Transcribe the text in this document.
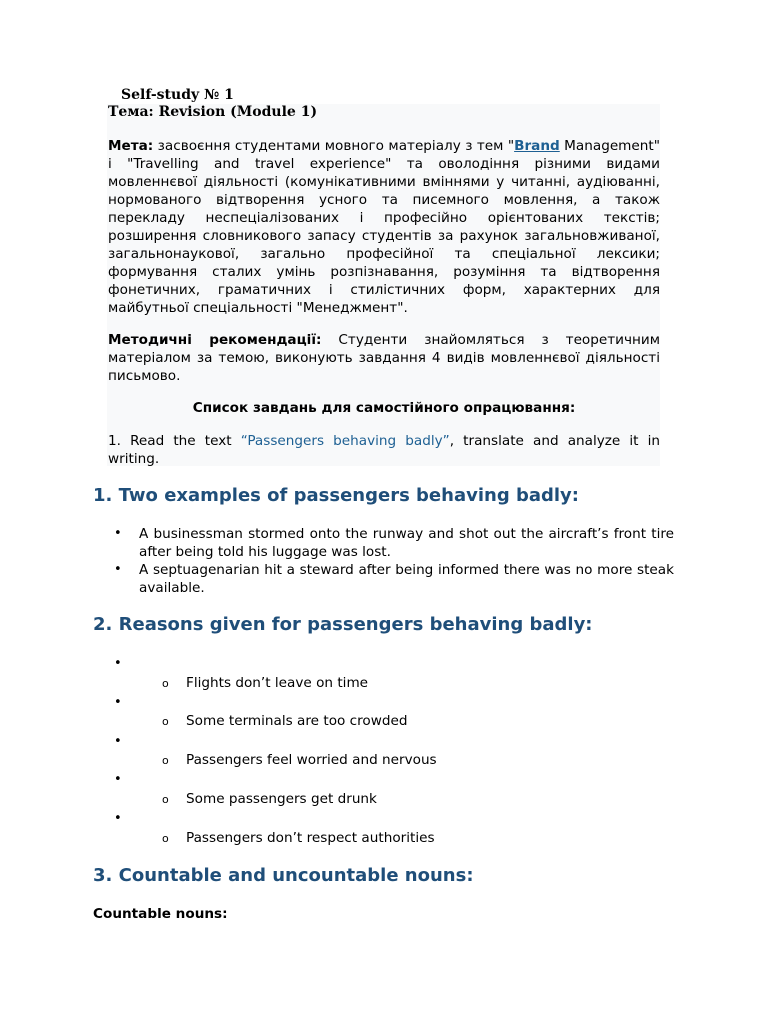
Self-study № 1
Тема: Revision (Module 1)
Мета: засвоєння студентами мовного матеріалу з тем "Brand Management" і "Travelling and travel experience" та оволодіння різними видами мовленнєвої діяльності (комунікативними вміннями у читанні, аудіюванні, нормованого відтворення усного та писемного мовлення, а також перекладу неспеціалізованих і професійно орієнтованих текстів; розширення словникового запасу студентів за рахунок загальновживаної, загальнонаукової, загально професійної та спеціальної лексики; формування сталих умінь розпізнавання, розуміння та відтворення фонетичних, граматичних і стилістичних форм, характерних для майбутньої спеціальності "Менеджмент".
Методичні рекомендації: Студенти знайомляться з теоретичним матеріалом за темою, виконують завдання 4 видів мовленнєвої діяльності письмово.
Список завдань для самостійного опрацювання:
1. Read the text “Passengers behaving badly”, translate and analyze it in writing.
1. Two examples of passengers behaving badly:
• A businessman stormed onto the runway and shot out the aircraft’s front tire after being told his luggage was lost.
• A septuagenarian hit a steward after being informed there was no more steak available.
2. Reasons given for passengers behaving badly:
•
o Flights don’t leave on time
•
o Some terminals are too crowded
•
o Passengers feel worried and nervous
•
o Some passengers get drunk
•
o Passengers don’t respect authorities
3. Countable and uncountable nouns:
Countable nouns:
